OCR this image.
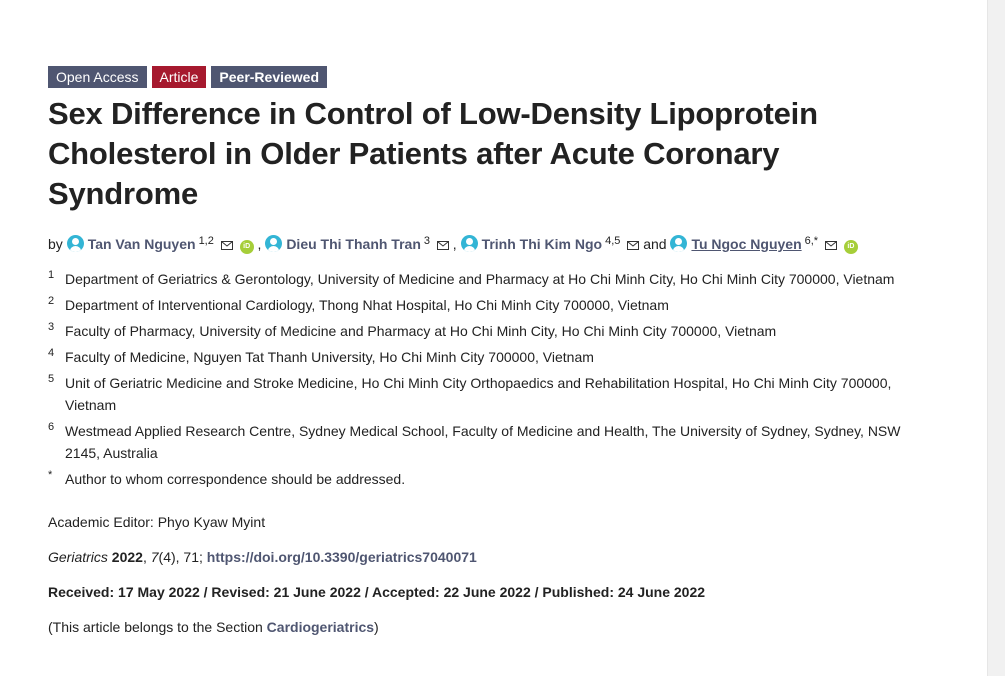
Open Access	Article	Peer-Reviewed
Sex Difference in Control of Low-Density Lipoprotein Cholesterol in Older Patients after Acute Coronary Syndrome
by Tan Van Nguyen $^{1,2}$	iD , Dieu Thi Thanh Tran $^3$ , Trinh Thi Kim Ngo $^{4,5}$ and Tu Ngoc Nguyen $^{6,*}$	iD
1 Department of Geriatrics & Gerontology, University of Medicine and Pharmacy at Ho Chi Minh City, Ho Chi Minh City 700000, Vietnam
2 Department of Interventional Cardiology, Thong Nhat Hospital, Ho Chi Minh City 700000, Vietnam
3 Faculty of Pharmacy, University of Medicine and Pharmacy at Ho Chi Minh City, Ho Chi Minh City 700000, Vietnam
4 Faculty of Medicine, Nguyen Tat Thanh University, Ho Chi Minh City 700000, Vietnam
5 Unit of Geriatric Medicine and Stroke Medicine, Ho Chi Minh City Orthopaedics and Rehabilitation Hospital, Ho Chi Minh City 700000, Vietnam
6 Westmead Applied Research Centre, Sydney Medical School, Faculty of Medicine and Health, The University of Sydney, Sydney, NSW 2145, Australia
* Author to whom correspondence should be addressed.
Academic Editor: Phyo Kyaw Myint
Geriatrics 2022, 7(4), 71; https://doi.org/10.3390/geriatrics7040071
Received: 17 May 2022 / Revised: 21 June 2022 / Accepted: 22 June 2022 / Published: 24 June 2022
(This article belongs to the Section Cardiogeriatrics)
